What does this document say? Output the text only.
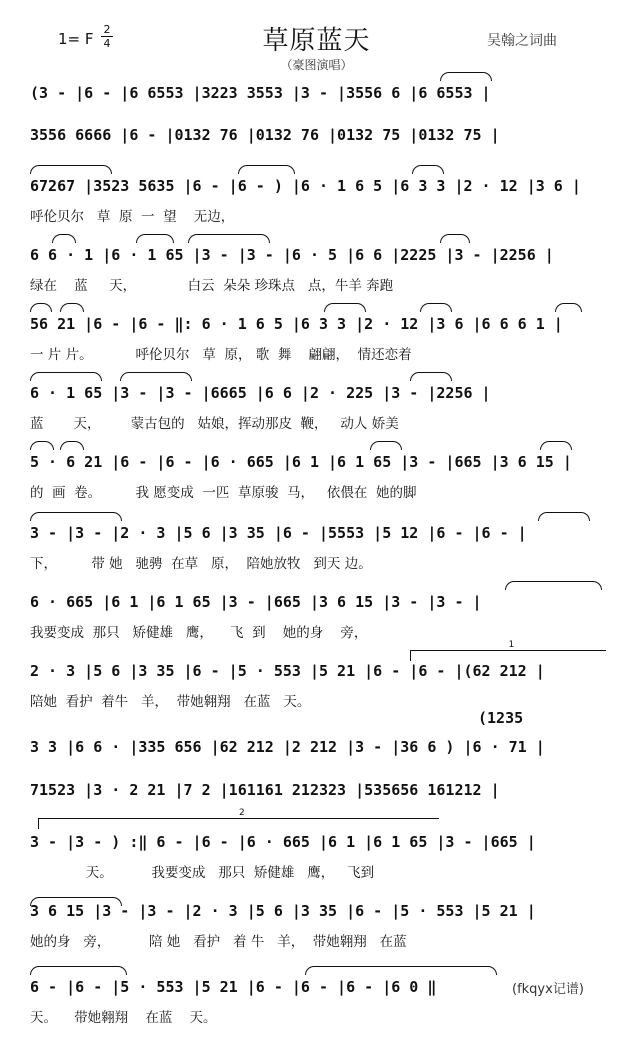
1= F
2
4	草原蓝天	吴翰之词曲
（豪图演唱）
(3 - |6 - |6 6553 |3223 3553 |3 - |3556 6 |6 6553 |
3556 6666 |6 - |0132 76 |0132 76 |0132 75 |0132 75 |
67267 |3523 5635 |6 - |6 - ) |6 · 1 6 5 |6 3 3 |2 · 12 |3 6 |
呼伦贝尔   草  原  一  望    无边，
6 6 · 1 |6 · 1 65 |3 - |3 - |6 · 5 |6 6 |2225 |3 - |2256 |
绿在    蓝     天，            白云  朵朵 珍珠点   点，牛羊 奔跑
56 21 |6 - |6 - ‖: 6 · 1 6 5 |6 3 3 |2 · 12 |3 6 |6 6 6 1 |
一 片 片。          呼伦贝尔   草  原， 歌  舞    翩翩，  情还恋着
6 · 1 65 |3 - |3 - |6665 |6 6 |2 · 225 |3 - |2256 |
蓝       天，       蒙古包的   姑娘，挥动那皮  鞭，   动人 娇美
5 · 6 21 |6 - |6 - |6 · 665 |6 1 |6 1 65 |3 - |665 |3 6 15 |
的  画  卷。        我 愿变成  一匹  草原骏  马，   依偎在  她的脚
3 - |3 - |2 · 3 |5 6 |3 35 |6 - |5553 |5 12 |6 - |6 - |
下，        带 她   驰骋  在草   原，  陪她放牧   到天 边。
6 · 665 |6 1 |6 1 65 |3 - |665 |3 6 15 |3 - |3 - |
我要变成  那只   矫健雄   鹰，    飞  到    她的身    旁，
2 · 3 |5 6 |3 35 |6 - |5 · 553 |5 21 |6 - |6 - |(62 212 |
陪她  看护  着牛   羊，  带她翱翔   在蓝   天。
(1235
3 3 |6 6 · |335 656 |62 212 |2 212 |3 - |36 6 ) |6 · 71 |
71523 |3 · 2 21 |7 2 |161161 212323 |535656 161212 |
3 - |3 - ) :‖ 6 - |6 - |6 · 665 |6 1 |6 1 65 |3 - |665 |
天。         我要变成   那只  矫健雄   鹰，   飞到
3 6 15 |3 - |3 - |2 · 3 |5 6 |3 35 |6 - |5 · 553 |5 21 |
她的身   旁，         陪 她   看护   着 牛   羊，  带她翱翔   在蓝
6 - |6 - |5 · 553 |5 21 |6 - |6 - |6 - |6 0 ‖
天。    带她翱翔    在蓝    天。
(fkqyx记谱)
1
2
